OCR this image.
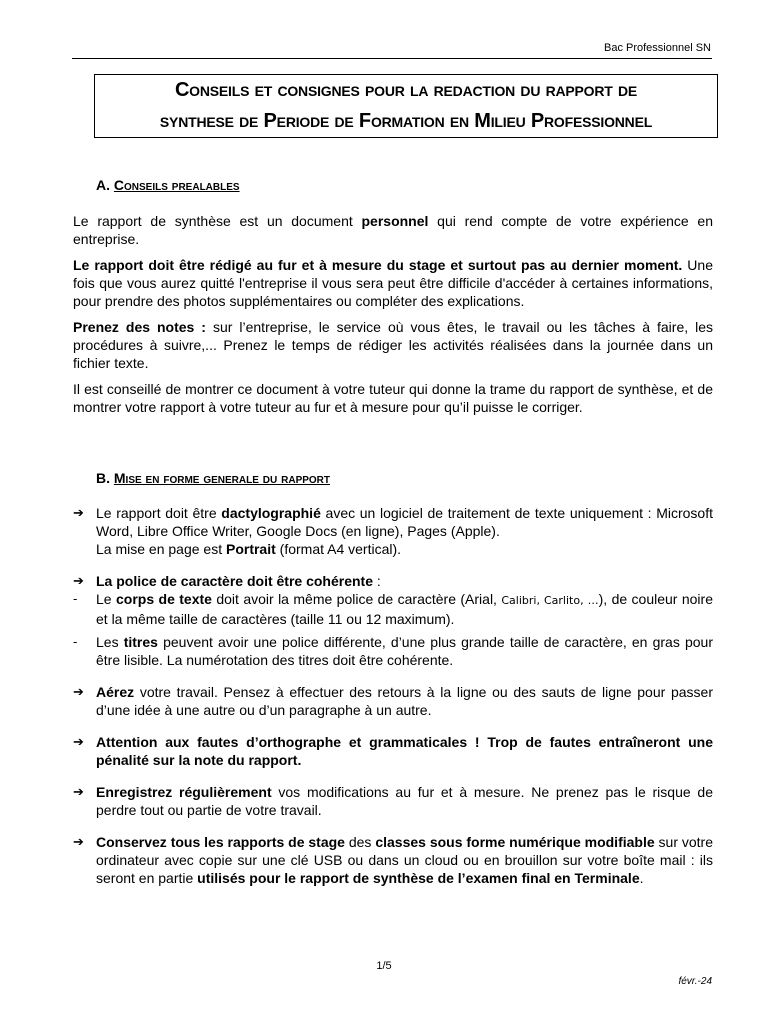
Bac Professionnel SN
Conseils et consignes pour la redaction du rapport de
synthese de Periode de Formation en Milieu Professionnel
A. Conseils prealables

Le rapport de synthèse est un document personnel qui rend compte de votre expérience en entreprise.

Le rapport doit être rédigé au fur et à mesure du stage et surtout pas au dernier moment. Une fois que vous aurez quitté l'entreprise il vous sera peut être difficile d'accéder à certaines informations, pour prendre des photos supplémentaires ou compléter des explications.

Prenez des notes : sur l’entreprise, le service où vous êtes, le travail ou les tâches à faire, les procédures à suivre,... Prenez le temps de rédiger les activités réalisées dans la journée dans un fichier texte.

Il est conseillé de montrer ce document à votre tuteur qui donne la trame du rapport de synthèse, et de montrer votre rapport à votre tuteur au fur et à mesure pour qu’il puisse le corriger.

B. Mise en forme generale du rapport
➔ Le rapport doit être dactylographié avec un logiciel de traitement de texte uniquement : Microsoft Word, Libre Office Writer, Google Docs (en ligne), Pages (Apple).
La mise en page est Portrait (format A4 vertical).
➔ La police de caractère doit être cohérente :
-	Le corps de texte doit avoir la même police de caractère (Arial, Calibri, Carlito, …), de couleur noire et la même taille de caractères (taille 11 ou 12 maximum).
-	Les titres peuvent avoir une police différente, d’une plus grande taille de caractère, en gras pour être lisible. La numérotation des titres doit être cohérente.
➔ Aérez votre travail. Pensez à effectuer des retours à la ligne ou des sauts de ligne pour passer d’une idée à une autre ou d’un paragraphe à un autre.
➔ Attention aux fautes d’orthographe et grammaticales ! Trop de fautes entraîneront une pénalité sur la note du rapport.
➔ Enregistrez régulièrement vos modifications au fur et à mesure. Ne prenez pas le risque de perdre tout ou partie de votre travail.
➔ Conservez tous les rapports de stage des classes sous forme numérique modifiable sur votre ordinateur avec copie sur une clé USB ou dans un cloud ou en brouillon sur votre boîte mail : ils seront en partie utilisés pour le rapport de synthèse de l’examen final en Terminale.
1/5
févr.-24
